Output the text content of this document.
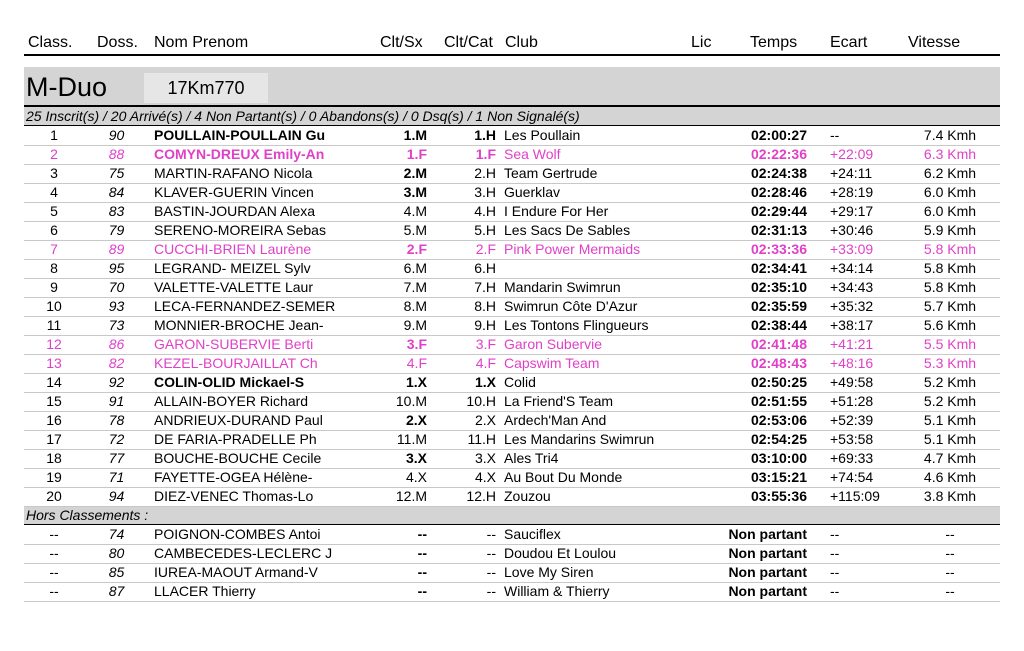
Class. Doss. Nom Prenom	Clt/Sx Clt/Cat Club	Lic Temps Ecart	Vitesse
M-Duo	17Km770
25 Inscrit(s) / 20 Arrivé(s) / 4 Non Partant(s) / 0 Abandons(s) / 0 Dsq(s) / 1 Non Signalé(s)
1	90	POULLAIN-POULLAIN Gu	1.M	1.H Les Poullain	02:00:27 --	7.4 Kmh
2	88	COMYN-DREUX Emily-An	1.F	1.F Sea Wolf	02:22:36 +22:09	6.3 Kmh
3	75	MARTIN-RAFANO Nicola	2.M	2.H Team Gertrude	02:24:38 +24:11	6.2 Kmh
4	84	KLAVER-GUERIN Vincen	3.M	3.H Guerklav	02:28:46 +28:19	6.0 Kmh
5	83	BASTIN-JOURDAN Alexa	4.M	4.H I Endure For Her	02:29:44 +29:17	6.0 Kmh
6	79	SERENO-MOREIRA Sebas	5.M	5.H Les Sacs De Sables	02:31:13 +30:46	5.9 Kmh
7	89	CUCCHI-BRIEN Laurène	2.F	2.F Pink Power Mermaids	02:33:36 +33:09	5.8 Kmh
8	95	LEGRAND- MEIZEL Sylv	6.M	6.H	02:34:41 +34:14	5.8 Kmh
9	70	VALETTE-VALETTE Laur	7.M	7.H Mandarin Swimrun	02:35:10 +34:43	5.8 Kmh
10	93	LECA-FERNANDEZ-SEMER	8.M	8.H Swimrun Côte D'Azur	02:35:59 +35:32	5.7 Kmh
11	73	MONNIER-BROCHE Jean-	9.M	9.H Les Tontons Flingueurs	02:38:44 +38:17	5.6 Kmh
12	86	GARON-SUBERVIE Berti	3.F	3.F Garon Subervie	02:41:48 +41:21	5.5 Kmh
13	82	KEZEL-BOURJAILLAT Ch	4.F	4.F Capswim Team	02:48:43 +48:16	5.3 Kmh
14	92	COLIN-OLID Mickael-S	1.X	1.X Colid	02:50:25 +49:58	5.2 Kmh
15	91	ALLAIN-BOYER Richard	10.M	10.H La Friend'S Team	02:51:55 +51:28	5.2 Kmh
16	78	ANDRIEUX-DURAND Paul	2.X	2.X Ardech'Man And	02:53:06 +52:39	5.1 Kmh
17	72	DE FARIA-PRADELLE Ph	11.M	11.H Les Mandarins Swimrun	02:54:25 +53:58	5.1 Kmh
18	77	BOUCHE-BOUCHE Cecile	3.X	3.X Ales Tri4	03:10:00 +69:33	4.7 Kmh
19	71	FAYETTE-OGEA Hélène-	4.X	4.X Au Bout Du Monde	03:15:21 +74:54	4.6 Kmh
20	94	DIEZ-VENEC Thomas-Lo	12.M	12.H Zouzou	03:55:36 +115:09	3.8 Kmh
Hors Classements :
--	74	POIGNON-COMBES Antoi	--	-- Sauciflex	Non partant --	--
--	80	CAMBECEDES-LECLERC J	--	-- Doudou Et Loulou	Non partant --	--
--	85	IUREA-MAOUT Armand-V	--	-- Love My Siren	Non partant --	--
--	87	LLACER Thierry	--	-- William & Thierry	Non partant --	--
